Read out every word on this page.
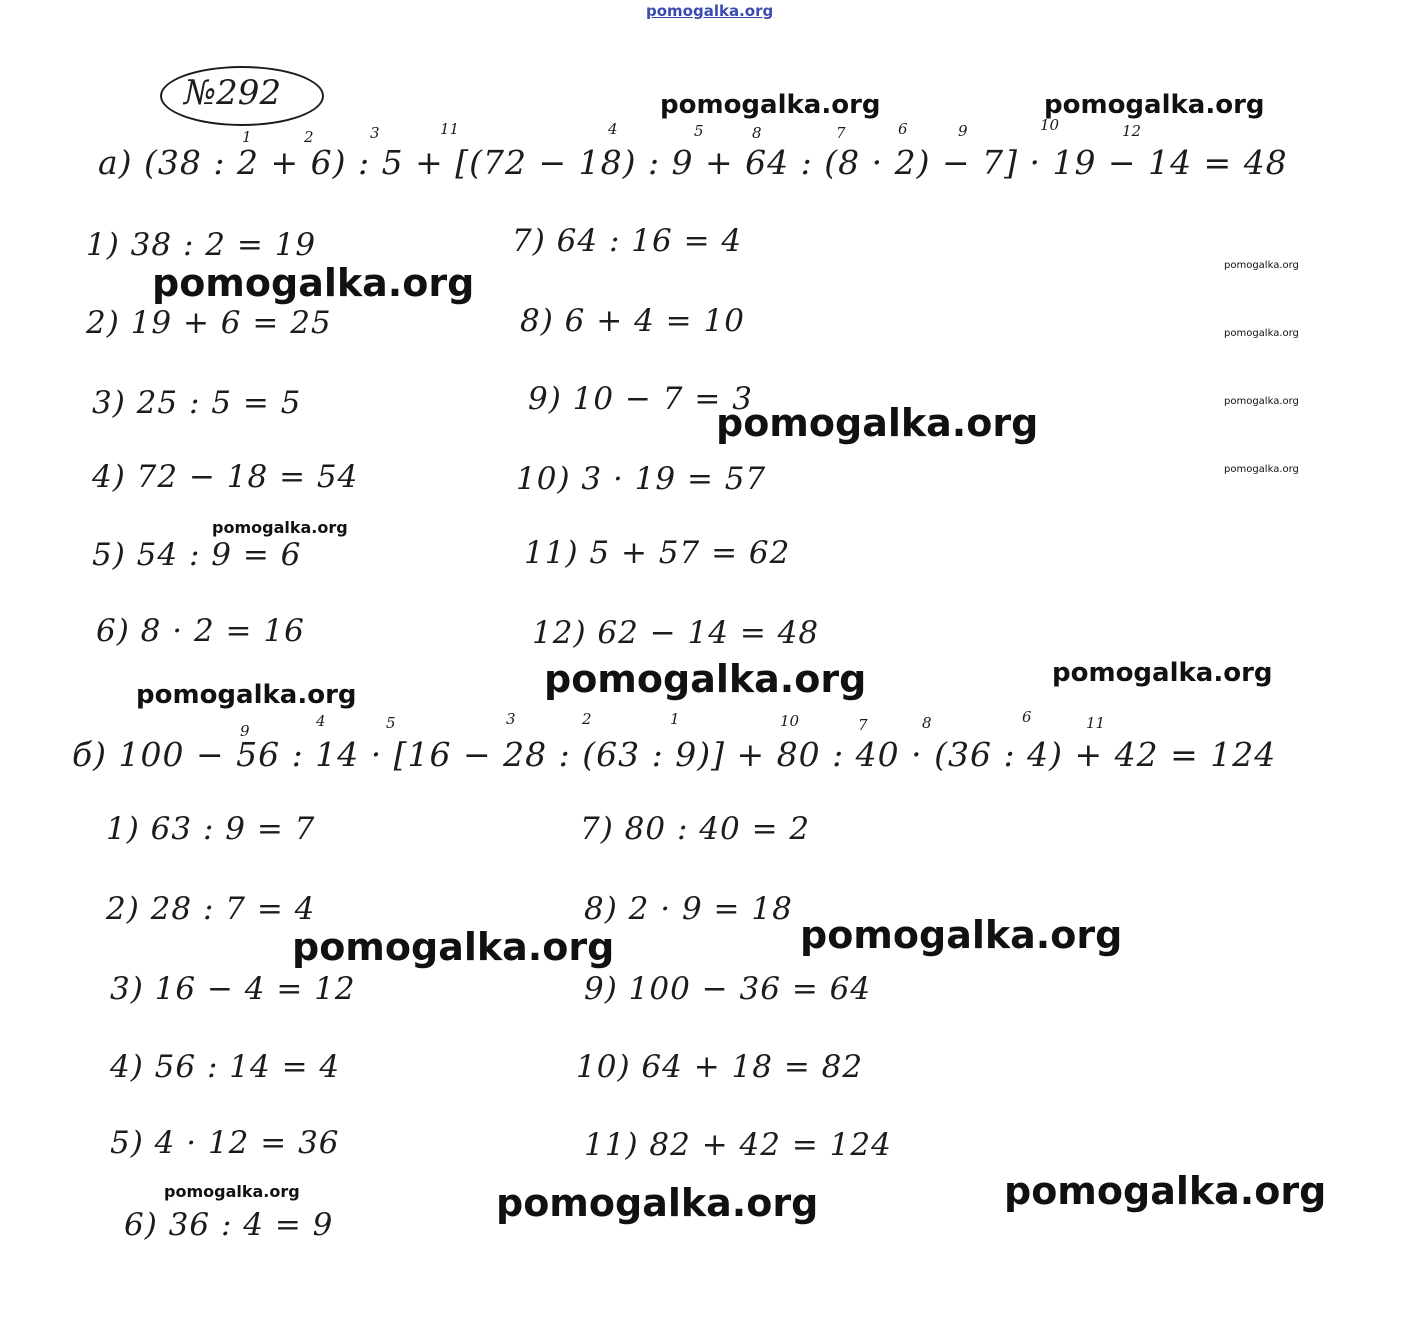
pomogalka.org
№292
а) (38 : 2 + 6) : 5 + [(72 − 18) : 9 + 64 : (8 · 2) − 7] · 19 − 14 = 48
1	2	3	11	4	5	8	7	6	9	10	12
1) 38 : 2 = 19
2) 19 + 6 = 25
3) 25 : 5 = 5
4) 72 − 18 = 54
5) 54 : 9 = 6
6) 8 · 2 = 16
7) 64 : 16 = 4
8) 6 + 4 = 10
9) 10 − 7 = 3
10) 3 · 19 = 57
11) 5 + 57 = 62
12) 62 − 14 = 48
б) 100 − 56 : 14 · [16 − 28 : (63 : 9)] + 80 : 40 · (36 : 4) + 42 = 124
9
4	5	3	2	1	10	7	8	6	11
1) 63 : 9 = 7
2) 28 : 7 = 4
3) 16 − 4 = 12
4) 56 : 14 = 4
5) 4 · 12 = 36
6) 36 : 4 = 9
7) 80 : 40 = 2
8) 2 · 9 = 18
9) 100 − 36 = 64
10) 64 + 18 = 82
11) 82 + 42 = 124
pomogalka.org	pomogalka.org
pomogalka.org	pomogalka.org
pomogalka.org
pomogalka.org
pomogalka.org
pomogalka.org
pomogalka.org
pomogalka.org	pomogalka.org
pomogalka.org
pomogalka.org	pomogalka.org
pomogalka.org
pomogalka.org	pomogalka.org
